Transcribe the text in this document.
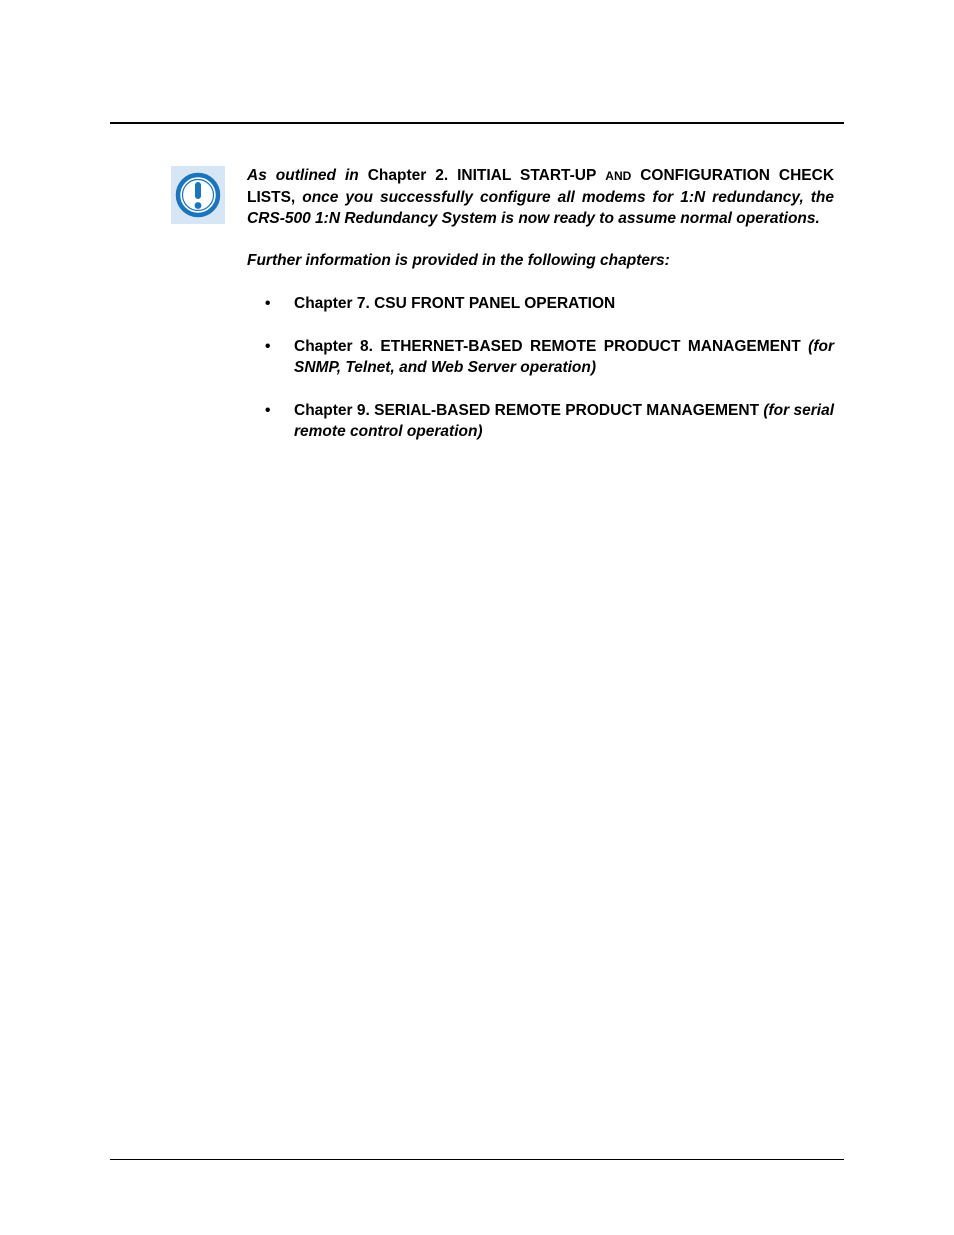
As outlined in Chapter 2. INITIAL START-UP AND CONFIGURATION CHECK LISTS, once you successfully configure all modems for 1:N redundancy, the CRS-500 1:N Redundancy System is now ready to assume normal operations.

Further information is provided in the following chapters:

• Chapter 7. CSU FRONT PANEL OPERATION
• Chapter 8. ETHERNET-BASED REMOTE PRODUCT MANAGEMENT (for SNMP, Telnet, and Web Server operation)
• Chapter 9. SERIAL-BASED REMOTE PRODUCT MANAGEMENT (for serial remote control operation)
